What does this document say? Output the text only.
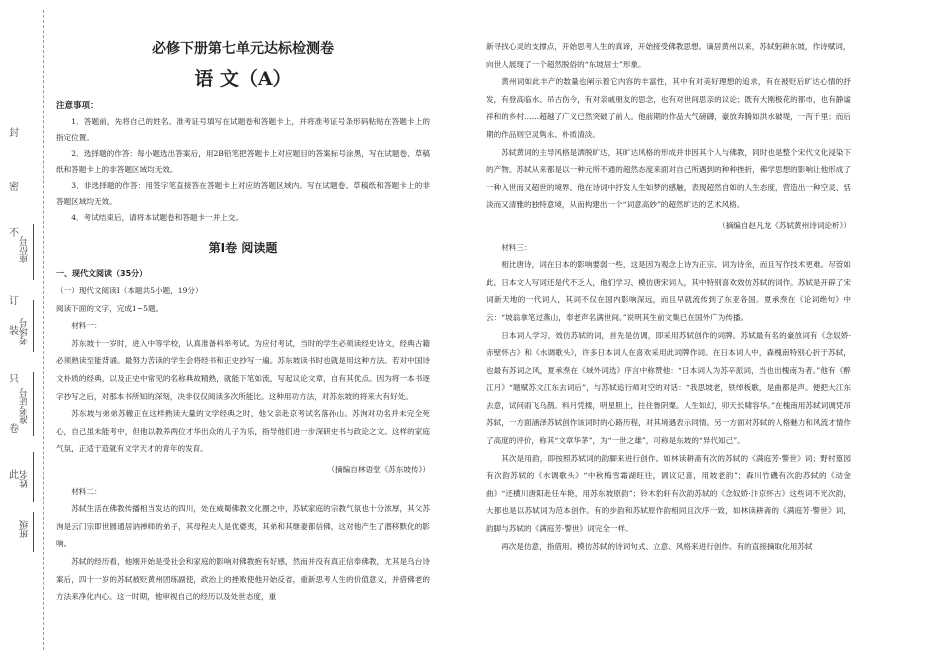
封
密
不
订
装
只
卷
此
座位号
考场号
准考证号
姓名
班级
必修下册第七单元达标检测卷
语 文（A）
注意事项：

1．答题前，先将自己的姓名、准考证号填写在试题卷和答题卡上，并将准考证号条形码粘贴在答题卡上的指定位置。

2．选择题的作答：每小题选出答案后，用2B铅笔把答题卡上对应题目的答案标号涂黑，写在试题卷、草稿纸和答题卡上的非答题区域均无效。

3．非选择题的作答：用签字笔直接答在答题卡上对应的答题区域内。写在试题卷、草稿纸和答题卡上的非答题区域均无效。

4．考试结束后，请将本试题卷和答题卡一并上交。

第Ⅰ卷 阅读题
一、现代文阅读（35分）

（一）现代文阅读Ⅰ（本题共5小题，19分）

阅读下面的文字，完成1~5题。

材料一：

苏东坡十一岁时，进入中等学校，认真准备科举考试。为应付考试，当时的学生必须读经史诗文，经典古籍必须熟读至能背诵。最努力苦读的学生会将经书和正史抄写一遍。苏东坡读书时也就是用这种方法。若对中国诗文朴质的经典，以及正史中常见的名称典故精熟，就能下笔如流，写起议论文章，自有其优点。因为将一本书逐字抄写之后，对那本书所知的深刻，决非仅仅阅读多次所能比。这种用功方法，对苏东坡的将来大有好处。

苏东坡与弟弟苏辙正在这样熟读大量的文学经典之时，他父亲赴京考试名落孙山。苏洵对功名并未完全死心，自己虽未能考中，但他以教养两位才华出众的儿子为乐，指导他们进一步深研史书与政论之文。这样的家庭气氛，正适于造就有文学天才的青年的发育。

（摘编自林语堂《苏东坡传》）

材料二：

苏轼生活在佛教传播相当发达的四川，处在威蜀佛教文化圈之中，苏轼家庭的宗教气氛也十分浓厚，其父苏洵是云门宗即世圆通居讷禅师的弟子，其母程夫人是优婆夷，其弟和其继妻都信佛，这对他产生了潜移默化的影响。

苏轼的经历看，他刚开始是受社会和家庭的影响对佛教抱有好感，然而并没有真正信奉佛教，尤其是乌台诗案后，四十一岁的苏轼被贬黄州团练副使，政治上的挫败使他开始反省，重新思考人生的价值意义，并借佛老的方法来净化内心。这一时期，他审视自己的经历以及处世态度，重

新寻找心灵的支撑点，开始思考人生的真谛，开始接受佛教思想。谪居黄州以来，苏轼躬耕东坡，作诗赋词，向世人展现了一个超然脱俗的“东坡居士”形象。

黄州词如此丰产的数量也阐示着它内容的丰富性，其中有对美好理想的追求，有在被贬后旷达心情的抒发，有登高临水、吊古伤今，有对亲戚朋友的思念，也有对世间思亲的议论；既有大刚极花的都市，也有静谧祥和的乡村……超越了广义已然突破了前人。他前期的作品大气磅礴，豪放奔腾如洪水破堤，一泻千里；而后期的作品则空灵隽永、朴质清淡。

苏轼黄词的主导风格是洒脱旷达，其旷达风格的形成并非因其个人与佛教，同时也是整个宋代文化浸染下的产物。苏轼从来都是以一种元所不通的超然态度来面对自己所遇到的种种挫折，佛学思想的影响让他形成了一种入世而又超世的境界。他在诗词中抒发人生如梦的感触，表现超然自如的人生态度，营造出一种空灵、恬淡而又清雅的独特意境，从而构建出一个“词意高妙”的超然旷达的艺术风格。

（摘编自赵凡龙《苏轼黄州诗词论析》）

材料三：

相比唐诗，词在日本的影响要弱一些，这是因为观念上诗为正宗、词为诗余，而且写作技术更难。尽管如此，日本文人写词还是代不乏人，他们学习、模仿唐宋词人，其中特别喜欢效仿苏轼的词作。苏轼是开辟了宋词新天地的一代词人，其词不仅在国内影响深远，而且早就流传到了东亚各国。夏承焘在《论词绝句》中云：“坡翁拿笔过燕山，奉老声名满世间。”说明其生前文集已在国外广为传播。

日本词人学习、效仿苏轼的词，首先是仿调，即采用苏轼创作的词牌。苏轼最有名的豪放词有《念奴娇·赤壁怀古》和《水调歌头》，许多日本词人在喜欢采用此词牌作词。在日本词人中，森槐南特别心折于苏轼，也最有苏词之风，夏承焘在《域外词选》序言中称赞他：“日本词人为苏辛派词，当也出槐南为者。”他有《醉江月》“题赋苏文江东去词后”，与苏轼追行师对空的对话：“我思坡老，铁绰板歌，是曲都是声。便把大江东去意，试问雨飞乌鹊。料月凭楼，明星胆上，拄住鲁阴粟。人生如幻，卯天长啸容华。”在槐南用苏轼词调凭吊苏轼，一方面涵泽苏轼创作该词时的心路历程，对其境遇表示同情。另一方面对苏轼的人格魅力和风流才情作了高度的评价，称其“文章华茅”，为“一世之雄”，可称是东坡的“异代知己”。

其次是用韵，即按照苏轼词的韵脚来进行创作。如林读耕斋有次的苏轼的《满庭芳·警世》词；野村篁园有次韵苏轼的《水调歌头》“中秋梅雪霜湖旺往，调议记喜，用坡老韵”；森川竹磯有次韵苏轼的《动金曲》“还横川唐阳赴任车艳，用苏东坡原韵”；铃木豹轩有次韵苏轼的《念奴娇·汴京怀古》这些词不光次韵，大都也是以苏轼词为范本创作。有的步韵和苏轼原作韵相同且次序一致，如林读耕斋的《满庭芳·警世》词，韵脚与苏轼的《满庭芳·警世》词完全一样。

再次是仿意，指借用、模仿苏轼的诗词句式、立意、风格来进行创作。有的直接摘取化用苏轼
